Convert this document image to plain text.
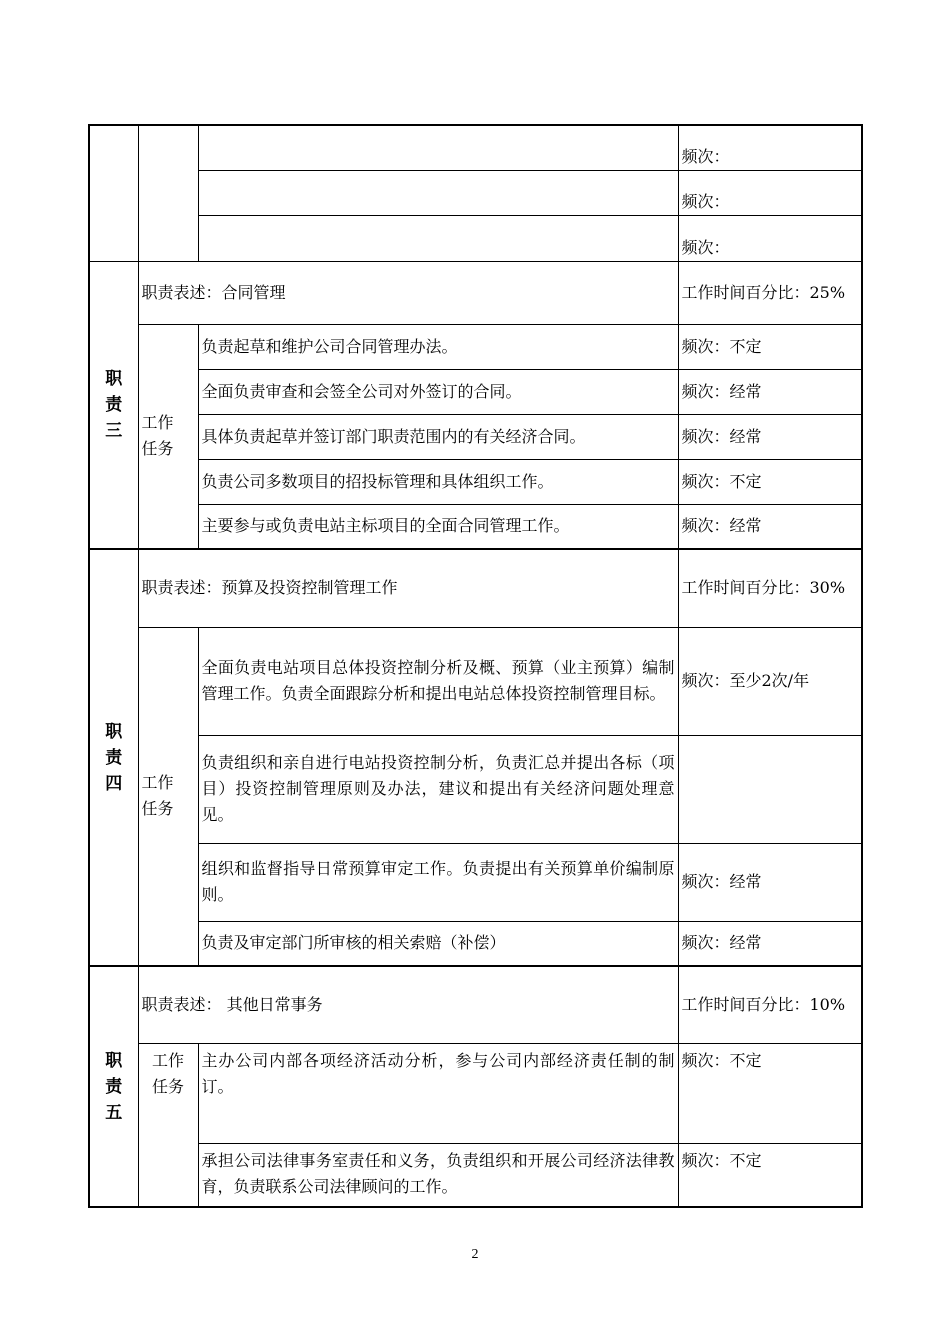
			频次：
			频次：
			频次：

职
责
三	职责表述：合同管理		工作时间百分比：25%

	工作
任务	负责起草和维护公司合同管理办法。	频次：不定
		全面负责审查和会签全公司对外签订的合同。	频次：经常
		具体负责起草并签订部门职责范围内的有关经济合同。	频次：经常
		负责公司多数项目的招投标管理和具体组织工作。	频次：不定
		主要参与或负责电站主标项目的全面合同管理工作。	频次：经常

职
责
四	职责表述：预算及投资控制管理工作		工作时间百分比：30%

	工作
任务	全面负责电站项目总体投资控制分析及概、预算（业主预算）编制管理工作。负责全面跟踪分析和提出电站总体投资控制管理目标。	频次：至少2次/年
		负责组织和亲自进行电站投资控制分析，负责汇总并提出各标（项目）投资控制管理原则及办法，建议和提出有关经济问题处理意见。	
		组织和监督指导日常预算审定工作。负责提出有关预算单价编制原则。	频次：经常
		负责及审定部门所审核的相关索赔（补偿）	频次：经常

职
责
五	职责表述： 其他日常事务		工作时间百分比：10%

	工作
任务	主办公司内部各项经济活动分析，参与公司内部经济责任制的制订。	频次：不定
		承担公司法律事务室责任和义务，负责组织和开展公司经济法律教育，负责联系公司法律顾问的工作。	频次：不定
2
